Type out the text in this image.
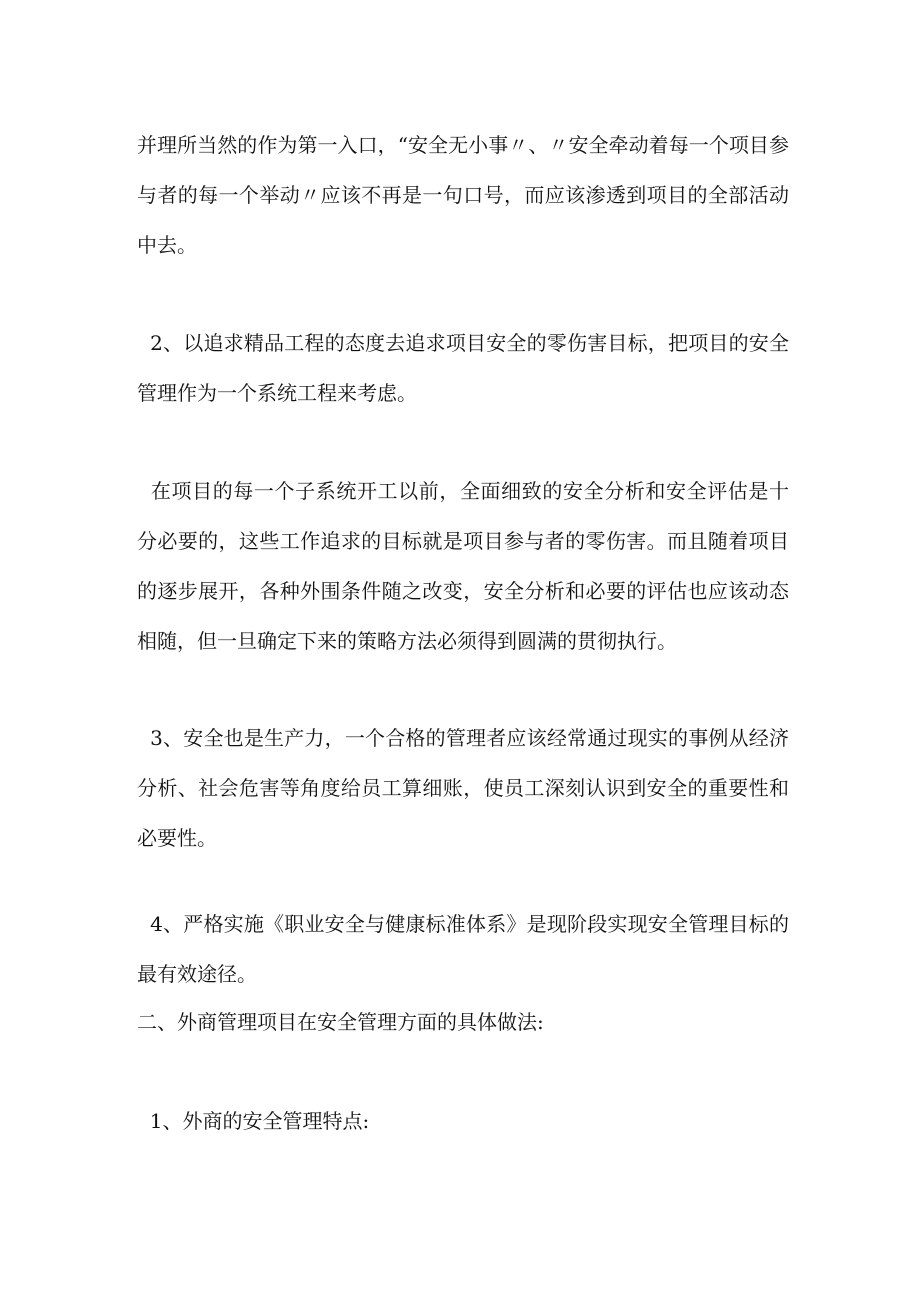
并理所当然的作为第一入口，“安全无小事〃、〃安全牵动着每一个项目参与者的每一个举动〃应该不再是一句口号，而应该渗透到项目的全部活动中去。

2、以追求精品工程的态度去追求项目安全的零伤害目标，把项目的安全管理作为一个系统工程来考虑。

在项目的每一个子系统开工以前，全面细致的安全分析和安全评估是十分必要的，这些工作追求的目标就是项目参与者的零伤害。而且随着项目的逐步展开，各种外围条件随之改变，安全分析和必要的评估也应该动态相随，但一旦确定下来的策略方法必须得到圆满的贯彻执行。

3、安全也是生产力，一个合格的管理者应该经常通过现实的事例从经济分析、社会危害等角度给员工算细账，使员工深刻认识到安全的重要性和必要性。

4、严格实施《职业安全与健康标准体系》是现阶段实现安全管理目标的最有效途径。

二、外商管理项目在安全管理方面的具体做法:

1、外商的安全管理特点:
